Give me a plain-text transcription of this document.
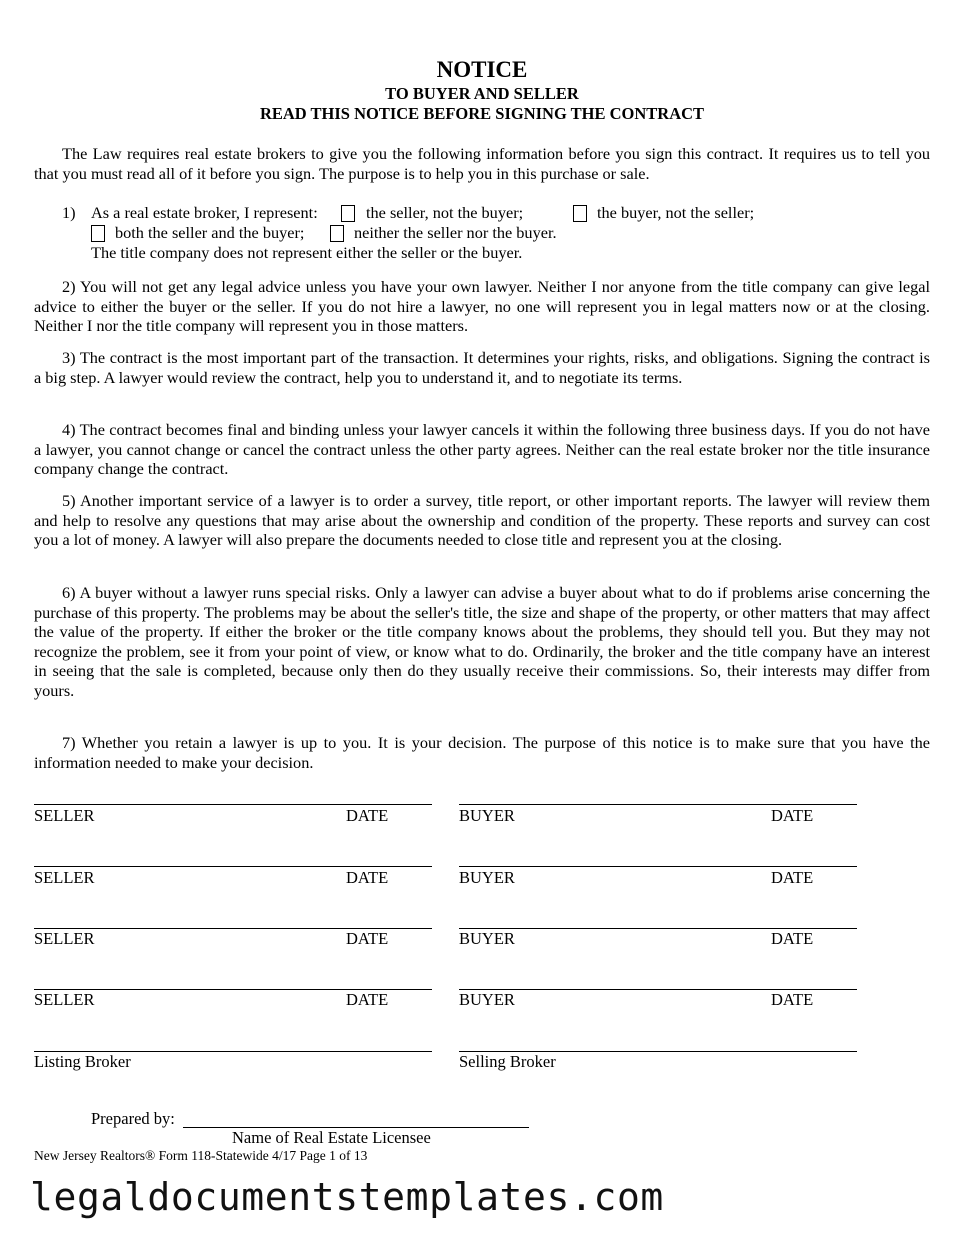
NOTICE
TO BUYER AND SELLER
READ THIS NOTICE BEFORE SIGNING THE CONTRACT
The Law requires real estate brokers to give you the following information before you sign this contract. It requires us to tell you that you must read all of it before you sign. The purpose is to help you in this purchase or sale.
1) As a real estate broker, I represent:	the seller, not the buyer;	the buyer, not the seller;
both the seller and the buyer;	neither the seller nor the buyer.
The title company does not represent either the seller or the buyer.
2) You will not get any legal advice unless you have your own lawyer. Neither I nor anyone from the title company can give legal advice to either the buyer or the seller. If you do not hire a lawyer, no one will represent you in legal matters now or at the closing. Neither I nor the title company will represent you in those matters.
3) The contract is the most important part of the transaction. It determines your rights, risks, and obligations. Signing the contract is a big step. A lawyer would review the contract, help you to understand it, and to negotiate its terms.
4) The contract becomes final and binding unless your lawyer cancels it within the following three business days. If you do not have a lawyer, you cannot change or cancel the contract unless the other party agrees. Neither can the real estate broker nor the title insurance company change the contract.
5) Another important service of a lawyer is to order a survey, title report, or other important reports. The lawyer will review them and help to resolve any questions that may arise about the ownership and condition of the property. These reports and survey can cost you a lot of money. A lawyer will also prepare the documents needed to close title and represent you at the closing.
6) A buyer without a lawyer runs special risks. Only a lawyer can advise a buyer about what to do if problems arise concerning the purchase of this property. The problems may be about the seller's title, the size and shape of the property, or other matters that may affect the value of the property. If either the broker or the title company knows about the problems, they should tell you. But they may not recognize the problem, see it from your point of view, or know what to do. Ordinarily, the broker and the title company have an interest in seeing that the sale is completed, because only then do they usually receive their commissions. So, their interests may differ from yours.
7) Whether you retain a lawyer is up to you. It is your decision. The purpose of this notice is to make sure that you have the information needed to make your decision.
SELLER	DATE	BUYER	DATE
SELLER	DATE	BUYER	DATE
SELLER	DATE	BUYER	DATE
SELLER	DATE	BUYER	DATE
Listing Broker	Selling Broker
Prepared by:
Name of Real Estate Licensee
New Jersey Realtors® Form 118-Statewide 4/17 Page 1 of 13
legaldocumentstemplates.com
